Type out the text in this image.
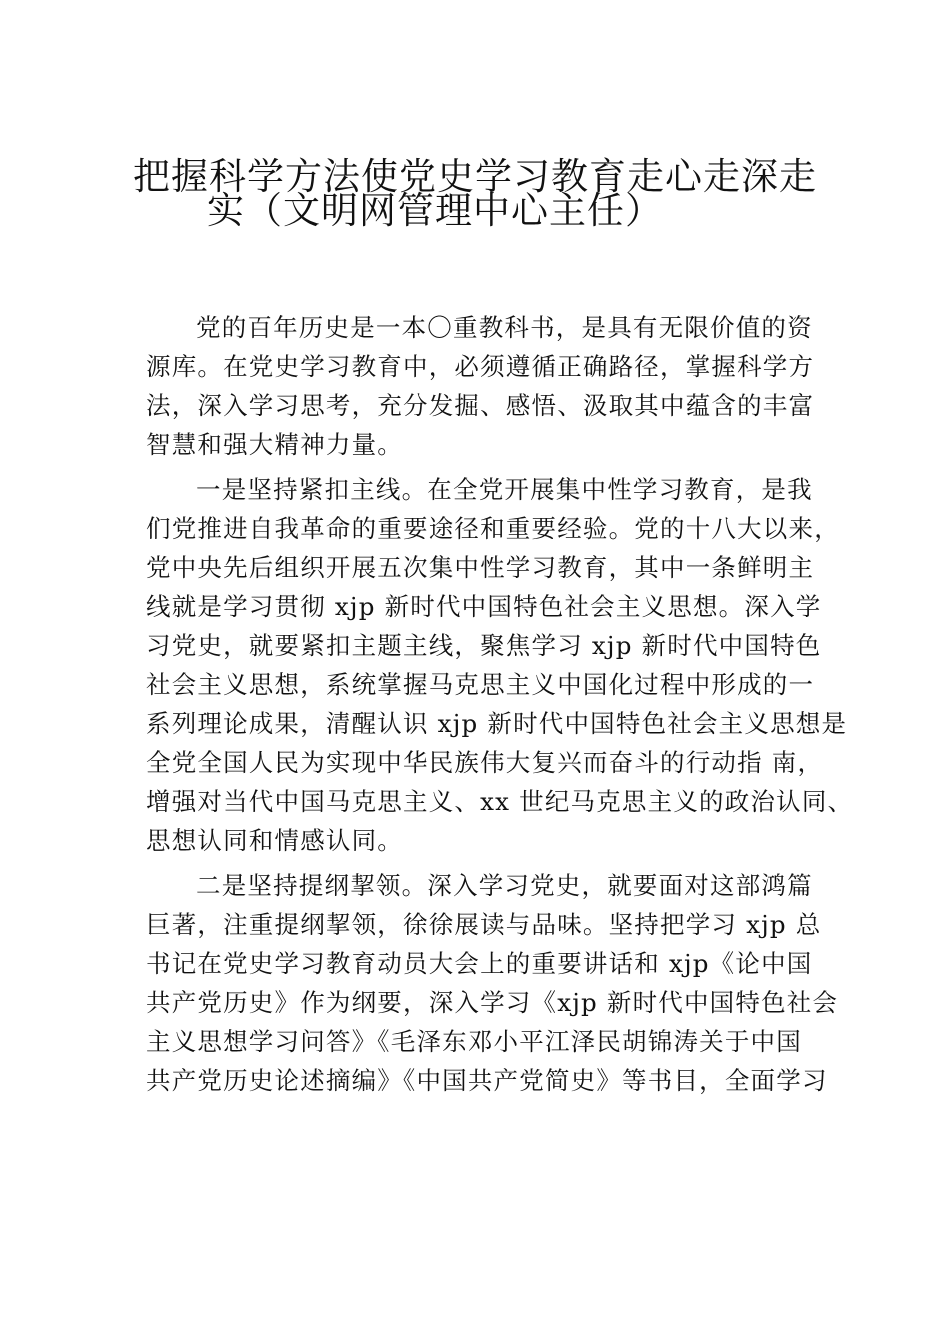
把握科学方法使党史学习教育走心走深走
实（文明网管理中心主任）
党的百年历史是一本〇重教科书，是具有无限价值的资
源库。在党史学习教育中，必须遵循正确路径，掌握科学方
法，深入学习思考，充分发掘、感悟、汲取其中蕴含的丰富
智慧和强大精神力量。
一是坚持紧扣主线。在全党开展集中性学习教育，是我
们党推进自我革命的重要途径和重要经验。党的十八大以来，
党中央先后组织开展五次集中性学习教育，其中一条鲜明主
线就是学习贯彻 xjp 新时代中国特色社会主义思想。深入学
习党史，就要紧扣主题主线，聚焦学习 xjp 新时代中国特色
社会主义思想，系统掌握马克思主义中国化过程中形成的一
系列理论成果，清醒认识 xjp 新时代中国特色社会主义思想是
全党全国人民为实现中华民族伟大复兴而奋斗的行动指 南，
增强对当代中国马克思主义、xx 世纪马克思主义的政治认同、
思想认同和情感认同。
二是坚持提纲挈领。深入学习党史，就要面对这部鸿篇
巨著，注重提纲挈领，徐徐展读与品味。坚持把学习 xjp 总
书记在党史学习教育动员大会上的重要讲话和 xjp《论中国
共产党历史》作为纲要，深入学习《xjp 新时代中国特色社会
主义思想学习问答》《毛泽东邓小平江泽民胡锦涛关于中国
共产党历史论述摘编》《中国共产党简史》等书目，全面学习
